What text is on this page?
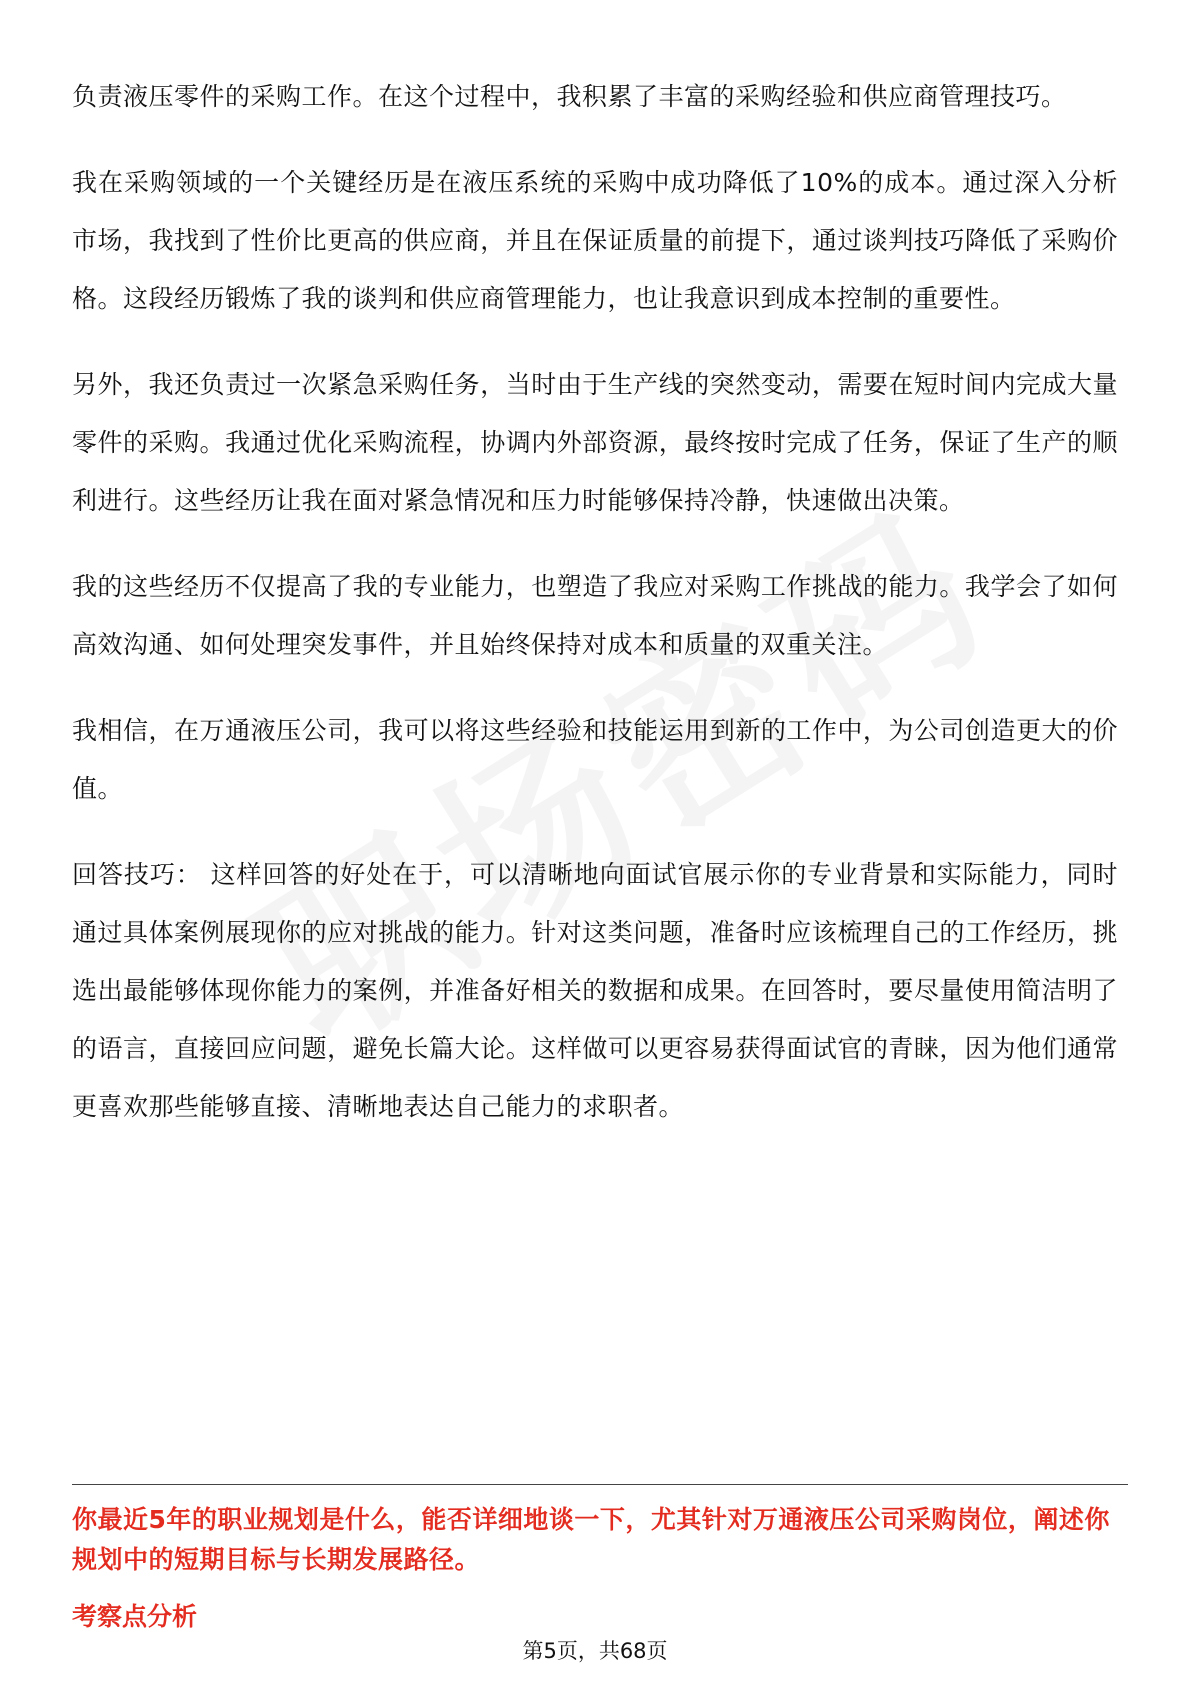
负责液压零件的采购工作。在这个过程中，我积累了丰富的采购经验和供应商管理技巧。

我在采购领域的一个关键经历是在液压系统的采购中成功降低了10%的成本。通过深入分析市场，我找到了性价比更高的供应商，并且在保证质量的前提下，通过谈判技巧降低了采购价格。这段经历锻炼了我的谈判和供应商管理能力，也让我意识到成本控制的重要性。

另外，我还负责过一次紧急采购任务，当时由于生产线的突然变动，需要在短时间内完成大量零件的采购。我通过优化采购流程，协调内外部资源，最终按时完成了任务，保证了生产的顺利进行。这些经历让我在面对紧急情况和压力时能够保持冷静，快速做出决策。

我的这些经历不仅提高了我的专业能力，也塑造了我应对采购工作挑战的能力。我学会了如何高效沟通、如何处理突发事件，并且始终保持对成本和质量的双重关注。

我相信，在万通液压公司，我可以将这些经验和技能运用到新的工作中，为公司创造更大的价值。

回答技巧： 这样回答的好处在于，可以清晰地向面试官展示你的专业背景和实际能力，同时通过具体案例展现你的应对挑战的能力。针对这类问题，准备时应该梳理自己的工作经历，挑选出最能够体现你能力的案例，并准备好相关的数据和成果。在回答时，要尽量使用简洁明了的语言，直接回应问题，避免长篇大论。这样做可以更容易获得面试官的青睐，因为他们通常更喜欢那些能够直接、清晰地表达自己能力的求职者。

你最近5年的职业规划是什么，能否详细地谈一下，尤其针对万通液压公司采购岗位，阐述你规划中的短期目标与长期发展路径。

考察点分析

第5页，共68页
